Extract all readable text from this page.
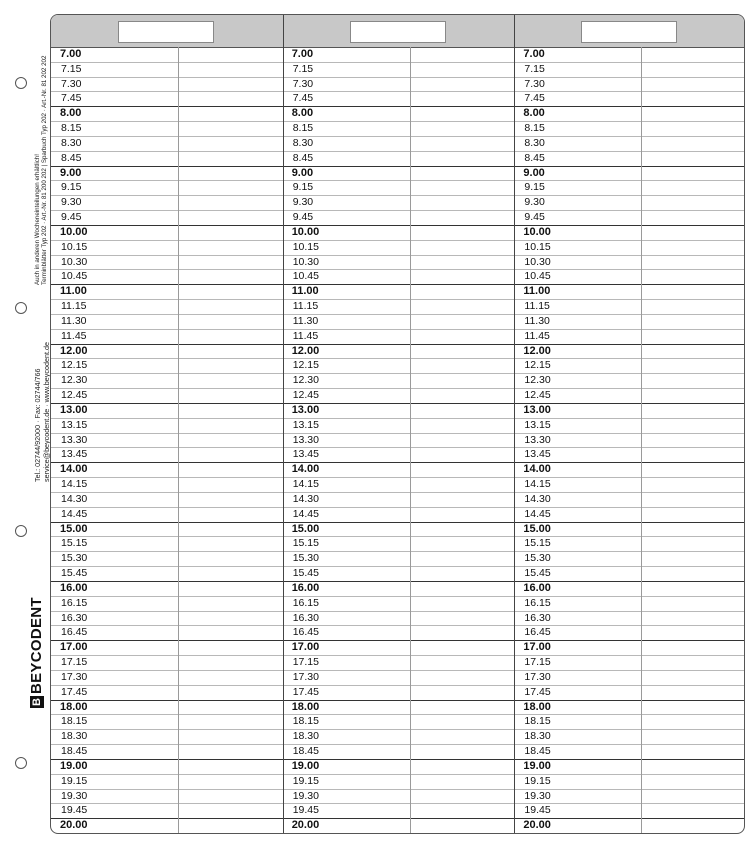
Auch in anderen Wocheneinteilungen erhältlich! Terminblätter Typ 202 · Art.-Nr. 81 200 202 | Sparbuch Typ 202 · Art.-Nr. 81 202 202
Tel.: 02744/92000 · Fax: 02744/766 service@beycodent.de · www.beycodent.de
B
BEYCODENT
7.00
7.15
7.30
7.45
8.00
8.15
8.30
8.45
9.00
9.15
9.30
9.45
10.00
10.15
10.30
10.45
11.00
11.15
11.30
11.45
12.00
12.15
12.30
12.45
13.00
13.15
13.30
13.45
14.00
14.15
14.30
14.45
15.00
15.15
15.30
15.45
16.00
16.15
16.30
16.45
17.00
17.15
17.30
17.45
18.00
18.15
18.30
18.45
19.00
19.15
19.30
19.45
20.00
7.00
7.15
7.30
7.45
8.00
8.15
8.30
8.45
9.00
9.15
9.30
9.45
10.00
10.15
10.30
10.45
11.00
11.15
11.30
11.45
12.00
12.15
12.30
12.45
13.00
13.15
13.30
13.45
14.00
14.15
14.30
14.45
15.00
15.15
15.30
15.45
16.00
16.15
16.30
16.45
17.00
17.15
17.30
17.45
18.00
18.15
18.30
18.45
19.00
19.15
19.30
19.45
20.00
7.00
7.15
7.30
7.45
8.00
8.15
8.30
8.45
9.00
9.15
9.30
9.45
10.00
10.15
10.30
10.45
11.00
11.15
11.30
11.45
12.00
12.15
12.30
12.45
13.00
13.15
13.30
13.45
14.00
14.15
14.30
14.45
15.00
15.15
15.30
15.45
16.00
16.15
16.30
16.45
17.00
17.15
17.30
17.45
18.00
18.15
18.30
18.45
19.00
19.15
19.30
19.45
20.00
